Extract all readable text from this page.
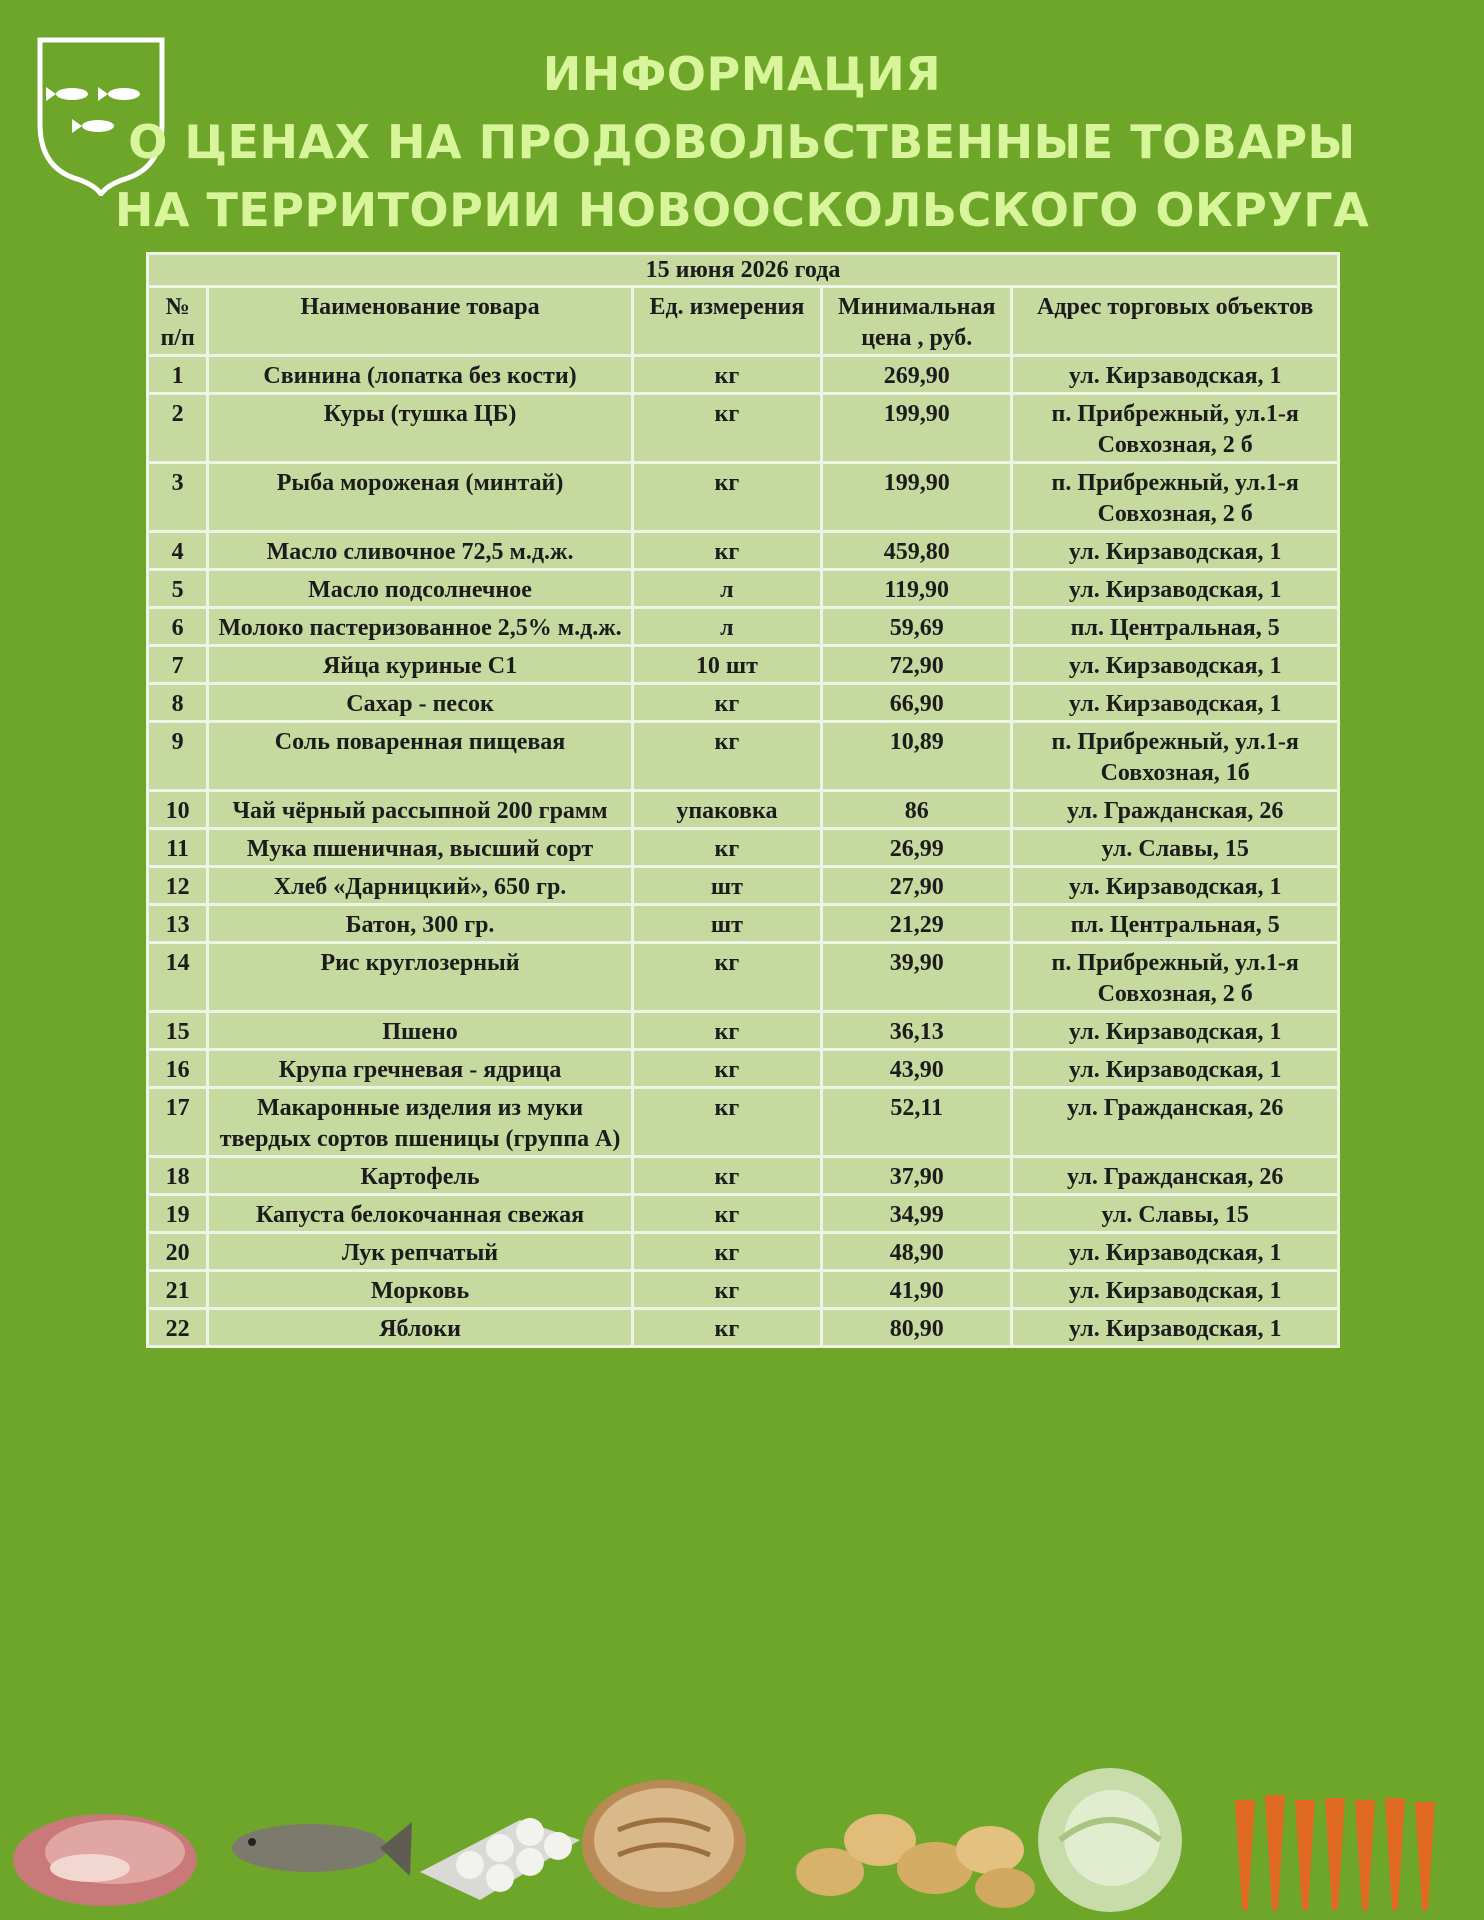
ИНФОРМАЦИЯ
О ЦЕНАХ НА ПРОДОВОЛЬСТВЕННЫЕ ТОВАРЫ
НА ТЕРРИТОРИИ НОВООСКОЛЬСКОГО ОКРУГА
15 июня 2026 года				
№ п/п	Наименование товара	Ед. измерения	Минимальная цена , руб.	Адрес торговых объектов
1	Свинина (лопатка без кости)	кг	269,90	ул. Кирзаводская, 1
2	Куры (тушка ЦБ)	кг	199,90	п. Прибрежный, ул.1-я Совхозная, 2 б
3	Рыба мороженая (минтай)	кг	199,90	п. Прибрежный, ул.1-я Совхозная, 2 б
4	Масло сливочное 72,5 м.д.ж.	кг	459,80	ул. Кирзаводская, 1
5	Масло подсолнечное	л	119,90	ул. Кирзаводская, 1
6	Молоко пастеризованное 2,5% м.д.ж.	л	59,69	пл. Центральная, 5
7	Яйца куриные С1	10 шт	72,90	ул. Кирзаводская, 1
8	Сахар - песок	кг	66,90	ул. Кирзаводская, 1
9	Соль поваренная пищевая	кг	10,89	п. Прибрежный, ул.1-я Совхозная, 1б
10	Чай чёрный рассыпной 200 грамм	упаковка	86	ул. Гражданская, 26
11	Мука пшеничная, высший сорт	кг	26,99	ул. Славы, 15
12	Хлеб «Дарницкий», 650 гр.	шт	27,90	ул. Кирзаводская, 1
13	Батон, 300 гр.	шт	21,29	пл. Центральная, 5
14	Рис круглозерный	кг	39,90	п. Прибрежный, ул.1-я Совхозная, 2 б
15	Пшено	кг	36,13	ул. Кирзаводская, 1
16	Крупа гречневая - ядрица	кг	43,90	ул. Кирзаводская, 1
17	Макаронные изделия из муки твердых сортов пшеницы (группа А)	кг	52,11	ул. Гражданская, 26
18	Картофель	кг	37,90	ул. Гражданская, 26
19	Капуста белокочанная свежая	кг	34,99	ул. Славы, 15
20	Лук репчатый	кг	48,90	ул. Кирзаводская, 1
21	Морковь	кг	41,90	ул. Кирзаводская, 1
22	Яблоки	кг	80,90	ул. Кирзаводская, 1
